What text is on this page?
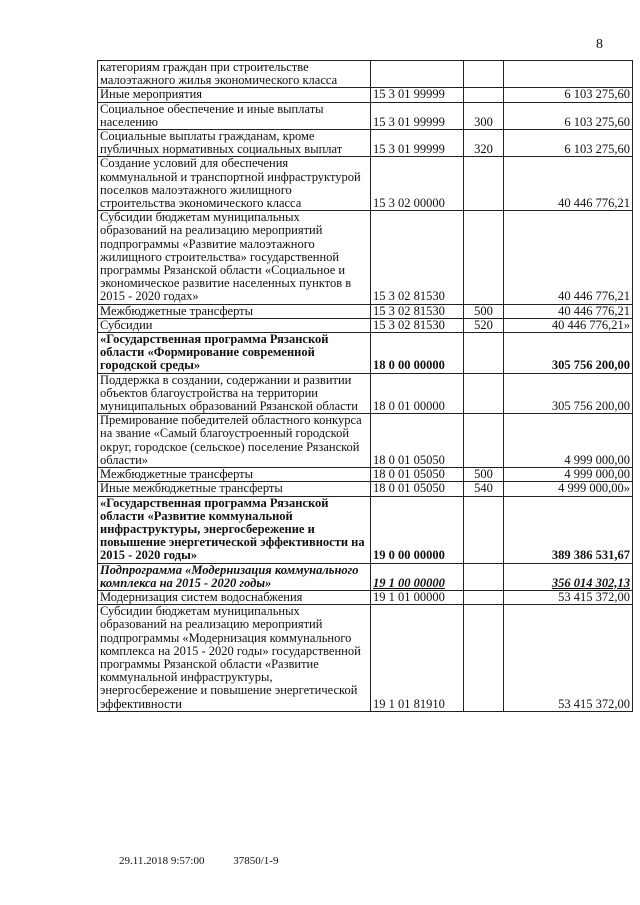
8
категориям граждан при строительстве малоэтажного жилья экономического класса			
Иные мероприятия	15 3 01 99999		6 103 275,60
Социальное обеспечение и иные выплаты населению	15 3 01 99999	300	6 103 275,60
Социальные выплаты гражданам, кроме публичных нормативных социальных выплат	15 3 01 99999	320	6 103 275,60
Создание условий для обеспечения коммунальной и транспортной инфраструктурой поселков малоэтажного жилищного строительства экономического класса	15 3 02 00000		40 446 776,21
Субсидии бюджетам муниципальных образований на реализацию мероприятий подпрограммы «Развитие малоэтажного жилищного строительства» государственной программы Рязанской области «Социальное и экономическое развитие населенных пунктов в 2015 - 2020 годах»	15 3 02 81530		40 446 776,21
Межбюджетные трансферты	15 3 02 81530	500	40 446 776,21
Субсидии	15 3 02 81530	520	40 446 776,21»
«Государственная программа Рязанской области «Формирование современной городской среды»	18 0 00 00000		305 756 200,00
Поддержка в создании, содержании и развитии объектов благоустройства на территории муниципальных образований Рязанской области	18 0 01 00000		305 756 200,00
Премирование победителей областного конкурса на звание «Самый благоустроенный городской округ, городское (сельское) поселение Рязанской области»	18 0 01 05050		4 999 000,00
Межбюджетные трансферты	18 0 01 05050	500	4 999 000,00
Иные межбюджетные трансферты	18 0 01 05050	540	4 999 000,00»
«Государственная программа Рязанской области «Развитие коммунальной инфраструктуры, энергосбережение и повышение энергетической эффективности на 2015 - 2020 годы»	19 0 00 00000		389 386 531,67
Подпрограмма «Модернизация коммунального комплекса на 2015 - 2020 годы»	19 1 00 00000		356 014 302,13
Модернизация систем водоснабжения	19 1 01 00000		53 415 372,00
Субсидии бюджетам муниципальных образований на реализацию мероприятий подпрограммы «Модернизация коммунального комплекса на 2015 - 2020 годы» государственной программы Рязанской области «Развитие коммунальной инфраструктуры, энергосбережение и повышение энергетической эффективности	19 1 01 81910		53 415 372,00
29.11.2018 9:57:00	37850/1-9
